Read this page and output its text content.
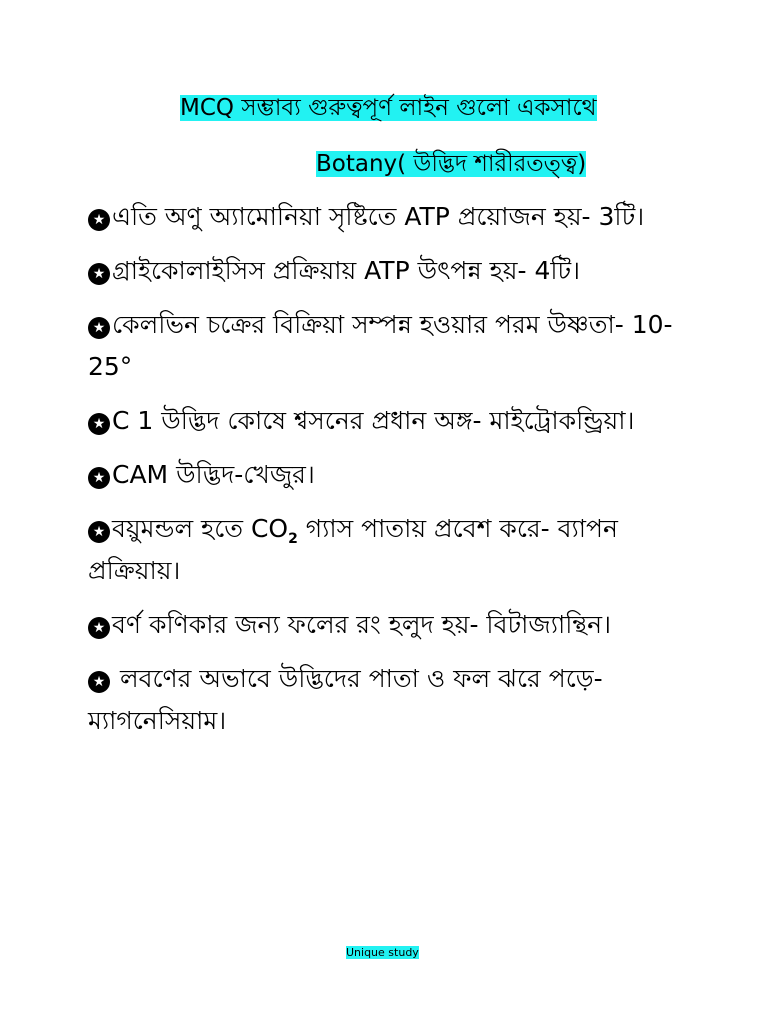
MCQ সম্ভাব্য গুরুত্বপূর্ণ লাইন গুলো একসাথে
Botany( উদ্ভিদ শারীরতত্ত্ব)
★ এতি অণু অ্যামোনিয়া সৃষ্টিতে ATP প্রয়োজন হয়- 3টি।
★ গ্রাইকোলাইসিস প্রক্রিয়ায় ATP উৎপন্ন হয়- 4টি।
★ কেলভিন চক্রের বিক্রিয়া সম্পন্ন হওয়ার পরম উষ্ণতা- 10-25°
★ C 1 উদ্ভিদ কোষে শ্বসনের প্রধান অঙ্গ- মাইট্রোকন্ড্রিয়া।
★ CAM উদ্ভিদ-খেজুর।
★ বয়ুমন্ডল হতে $CO_2$ গ্যাস পাতায় প্রবেশ করে- ব্যাপন প্রক্রিয়ায়।
★ বর্ণ কণিকার জন্য ফলের রং হলুদ হয়- বিটাজ্যান্থিন।
★ লবণের অভাবে উদ্ভিদের পাতা ও ফল ঝরে পড়ে- ম্যাগনেসিয়াম।
Unique study
